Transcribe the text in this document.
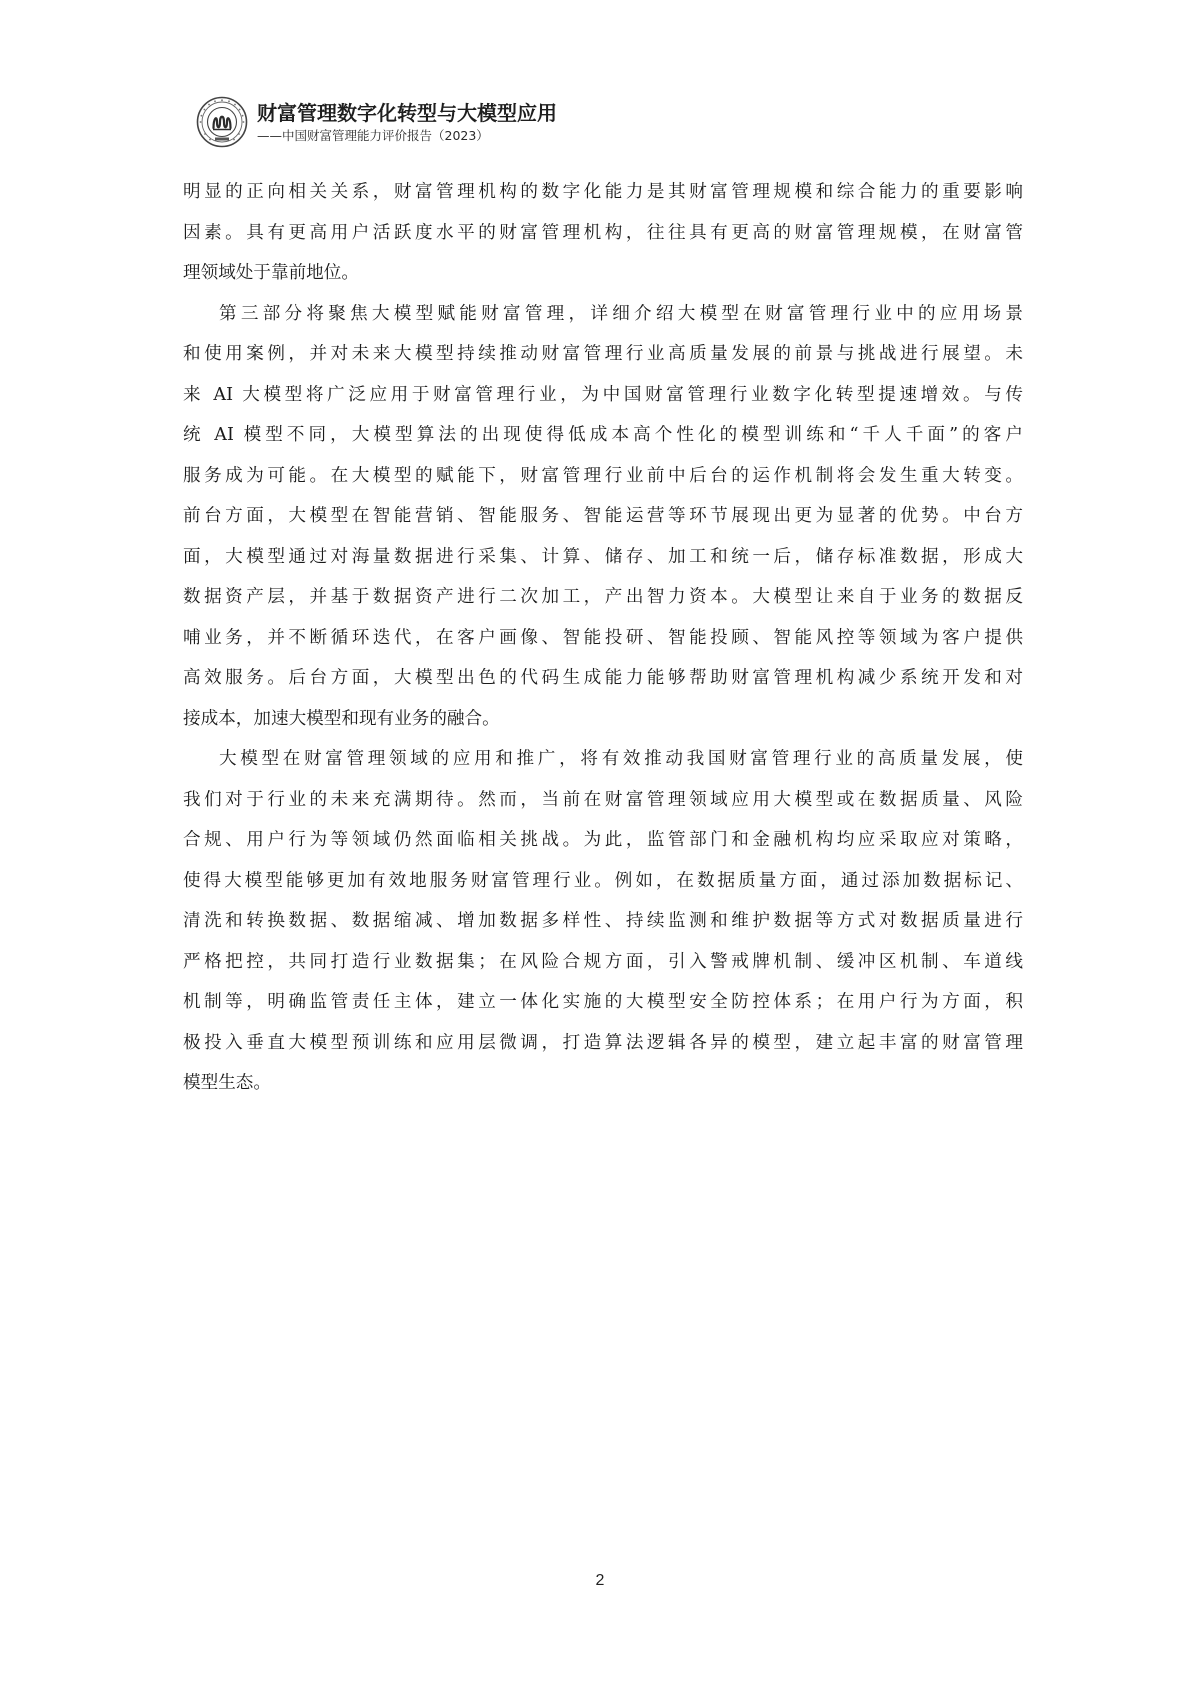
财富管理数字化转型与大模型应用
——中国财富管理能力评价报告（2023）
明显的正向相关关系，财富管理机构的数字化能力是其财富管理规模和综合能力的重要影响
因素。具有更高用户活跃度水平的财富管理机构，往往具有更高的财富管理规模，在财富管
理领域处于靠前地位。
第三部分将聚焦大模型赋能财富管理，详细介绍大模型在财富管理行业中的应用场景
和使用案例，并对未来大模型持续推动财富管理行业高质量发展的前景与挑战进行展望。未
来 AI 大模型将广泛应用于财富管理行业，为中国财富管理行业数字化转型提速增效。与传
统 AI 模型不同，大模型算法的出现使得低成本高个性化的模型训练和“千人千面”的客户
服务成为可能。在大模型的赋能下，财富管理行业前中后台的运作机制将会发生重大转变。
前台方面，大模型在智能营销、智能服务、智能运营等环节展现出更为显著的优势。中台方
面，大模型通过对海量数据进行采集、计算、储存、加工和统一后，储存标准数据，形成大
数据资产层，并基于数据资产进行二次加工，产出智力资本。大模型让来自于业务的数据反
哺业务，并不断循环迭代，在客户画像、智能投研、智能投顾、智能风控等领域为客户提供
高效服务。后台方面，大模型出色的代码生成能力能够帮助财富管理机构减少系统开发和对
接成本，加速大模型和现有业务的融合。
大模型在财富管理领域的应用和推广，将有效推动我国财富管理行业的高质量发展，使
我们对于行业的未来充满期待。然而，当前在财富管理领域应用大模型或在数据质量、风险
合规、用户行为等领域仍然面临相关挑战。为此，监管部门和金融机构均应采取应对策略，
使得大模型能够更加有效地服务财富管理行业。例如，在数据质量方面，通过添加数据标记、
清洗和转换数据、数据缩减、增加数据多样性、持续监测和维护数据等方式对数据质量进行
严格把控，共同打造行业数据集；在风险合规方面，引入警戒牌机制、缓冲区机制、车道线
机制等，明确监管责任主体，建立一体化实施的大模型安全防控体系；在用户行为方面，积
极投入垂直大模型预训练和应用层微调，打造算法逻辑各异的模型，建立起丰富的财富管理
模型生态。
2
